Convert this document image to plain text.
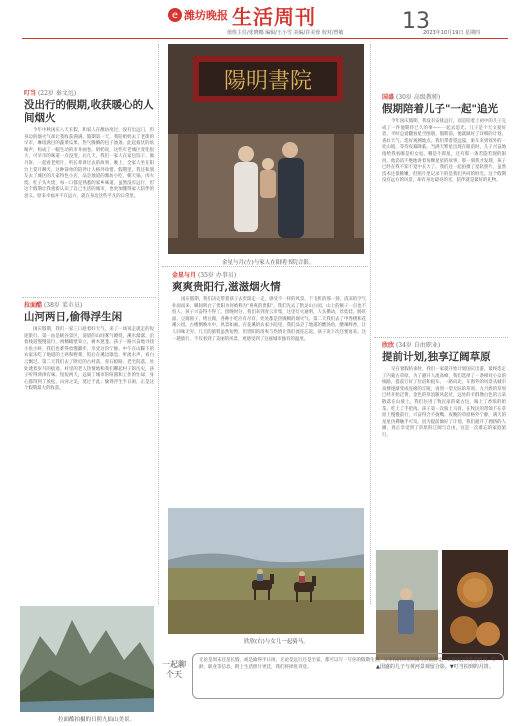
e 潍坊晚报 生活周刊
值班主任/张晓娜 编辑/王小雪 美编/许美蓉 校对/曾敏	13
2023年10月19日 星期四
叮当 (22岁 秦文远)
没出行的假期,收获暖心的人间烟火
今年中秋国庆八天长假，和家人在潍坊度过，没有出远门，但身边的烟火气却让我收获满满。假期第一天，我陪奶奶去了老街的早市，琳琅满目的蔬菜瓜果、热气腾腾的包子油条、此起彼伏的吆喝声，构成了一幅生动的市井画卷。奶奶说，这些年老城区变化很大，可早市的味道一点没变。后几天，我们一家人在家包饺子、做月饼，一起看老照片，听长辈讲过去的故事。晚上，全家人坐在阳台上赏月聊天，这种简单的陪伴让人格外珍惜。假期里，我还和朋友去了城区的几家特色小店，品尝地道的潍坊小吃，朝天锅、肉火烧、杠子头火烧，每一口都是熟悉的家乡味道。虽然没有远行，但这个假期让我重新认识了自己生活的城市，也更加懂得家人陪伴的意义。原来幸福并不在远方，就在身边这些平凡的日常里。
拉面酷 (38岁 菜市员)
山河两日,偷得浮生闲
国庆假期，我们一家三口趁着好天气，来了一场说走就走的短途旅行。第一站是峡谷景区，清晨的山间雾气缭绕，溪水潺潺，沿着栈道慢慢前行，两侧峭壁耸立，树木葱茏。孩子一路兴奋地寻找小鱼小虾，我们也难得放慢脚步，享受这份宁静。中午在山脚下的农家乐吃了地道的土鸡和野菜，饭后在溪边歇息，听流水声，看白云飘过。第二天我们去了附近的古村落，青石板路、老宅院落，处处透着岁月的痕迹。村里的老人热情地和我们聊起村子的历史，孩子听得津津有味。短短两天，远离了城市的喧嚣和工作的忙碌，身心都得到了放松。山河之美，莫过于此；偷得浮生半日闲，正是这个假期最大的收获。
陽明書院
金星与月(左)与家人在阳明书院合影。
金星与月 (35岁 办事员)
爽爽贵阳行,滋滋烟火情
国庆假期，我们决定带着孩子去贵阳走一走，感受不一样的风景。下飞机的那一刻，清凉的空气扑面而来，瞬间明白了贵阳为何被称为"爽爽的贵阳"。我们先去了黔灵山公园，山上的猴子一点也不怕人，孩子兴奋得不得了。傍晚时分，我们来到青云市集，这里灯火通明，人头攒动，丝娃娃、肠旺面、豆腐圆子、烤豆腐，各种小吃应有尽有，处处都是热腾腾的烟火气。第二天我们去了甲秀楼和花溪公园，古楼倒映水中，风景如画。在花溪的农家小院里，我们品尝了地道的酸汤鱼，酸辣鲜香，让人回味无穷。几天的旅程虽然短暂，但贵阳的清爽与热情让我们流连忘返，孩子说下次还要再来。这一趟旅行，不仅看到了美丽的风景，更感受到了这座城市独有的温度。
国盛 (30岁 高级教师)
假期陪着儿子"一起"追光
今年国庆假期，我没有安排远行，而是陪着上初中的儿子完成了一件他期待已久的事——一起去追光。儿子是个天文爱好者，平时总爱翻看星空图册。假期前，他就做好了详细的计划，查好天气、选好观测地点。我们带着望远镜，驱车来到郊外的一处山坡，等待夜幕降临。当满天繁星出现在眼前时，儿子兴奋地指给我看哪是织女星、哪是牛郎星，还有那一条若隐若现的银河。他滔滔不绝地讲着每颗星星的故事，那一刻我才发现，孩子已经在我不知不觉中长大了。我们还一起拍摄了星轨照片，虽然技术还很稚嫩，但照片里记录下的是我们共同的时光。这个假期没有远方的风景，却有身边最亮的光，陪伴就是最好的礼物。
欣欣 (34岁 自由职业)
提前计划,独享辽阔草原
早在暑假结束时，我们一家就开始计划国庆出游，最终选定了内蒙古草原。为了避开人流高峰，我们选择了一条相对小众的线路，提前订好了住宿和租车。一路向北，车窗外的风景从城市高楼逐渐变成连绵的丘陵，再到一望无际的草原。九月底的草原已经开始泛黄，金色的草浪随风起伏，远处的羊群像白色的云朵散落在山坡上。我们住进了牧民家的蒙古包，喝上了香浓的奶茶，吃上了手把肉。孩子第一次骑上马背，在牧民的带领下在草原上慢慢前行，兴奋得合不拢嘴。夜晚的草原格外宁静，满天的星星仿佛触手可及。因为提前做好了计划，我们避开了拥挤的人潮，真正享受到了草原的辽阔与自由，这是一次难忘的家庭旅行。
欣欣(右)与女儿一起骑马。
拉面酷拍摄的日照九仙山美景。
▲国盛的儿子与黄河景观留合影。▼叮当拍到的月饼。
一起聊个天
无论是周末还是长假，或是偷得半日闲，无论是远行还是宅家，都可以写一写你的假期生活，分享你的所见所闻与点滴感受。来稿请注明作者姓名、年龄、职业等信息，附上生活照片更佳，我们将择优刊登。
